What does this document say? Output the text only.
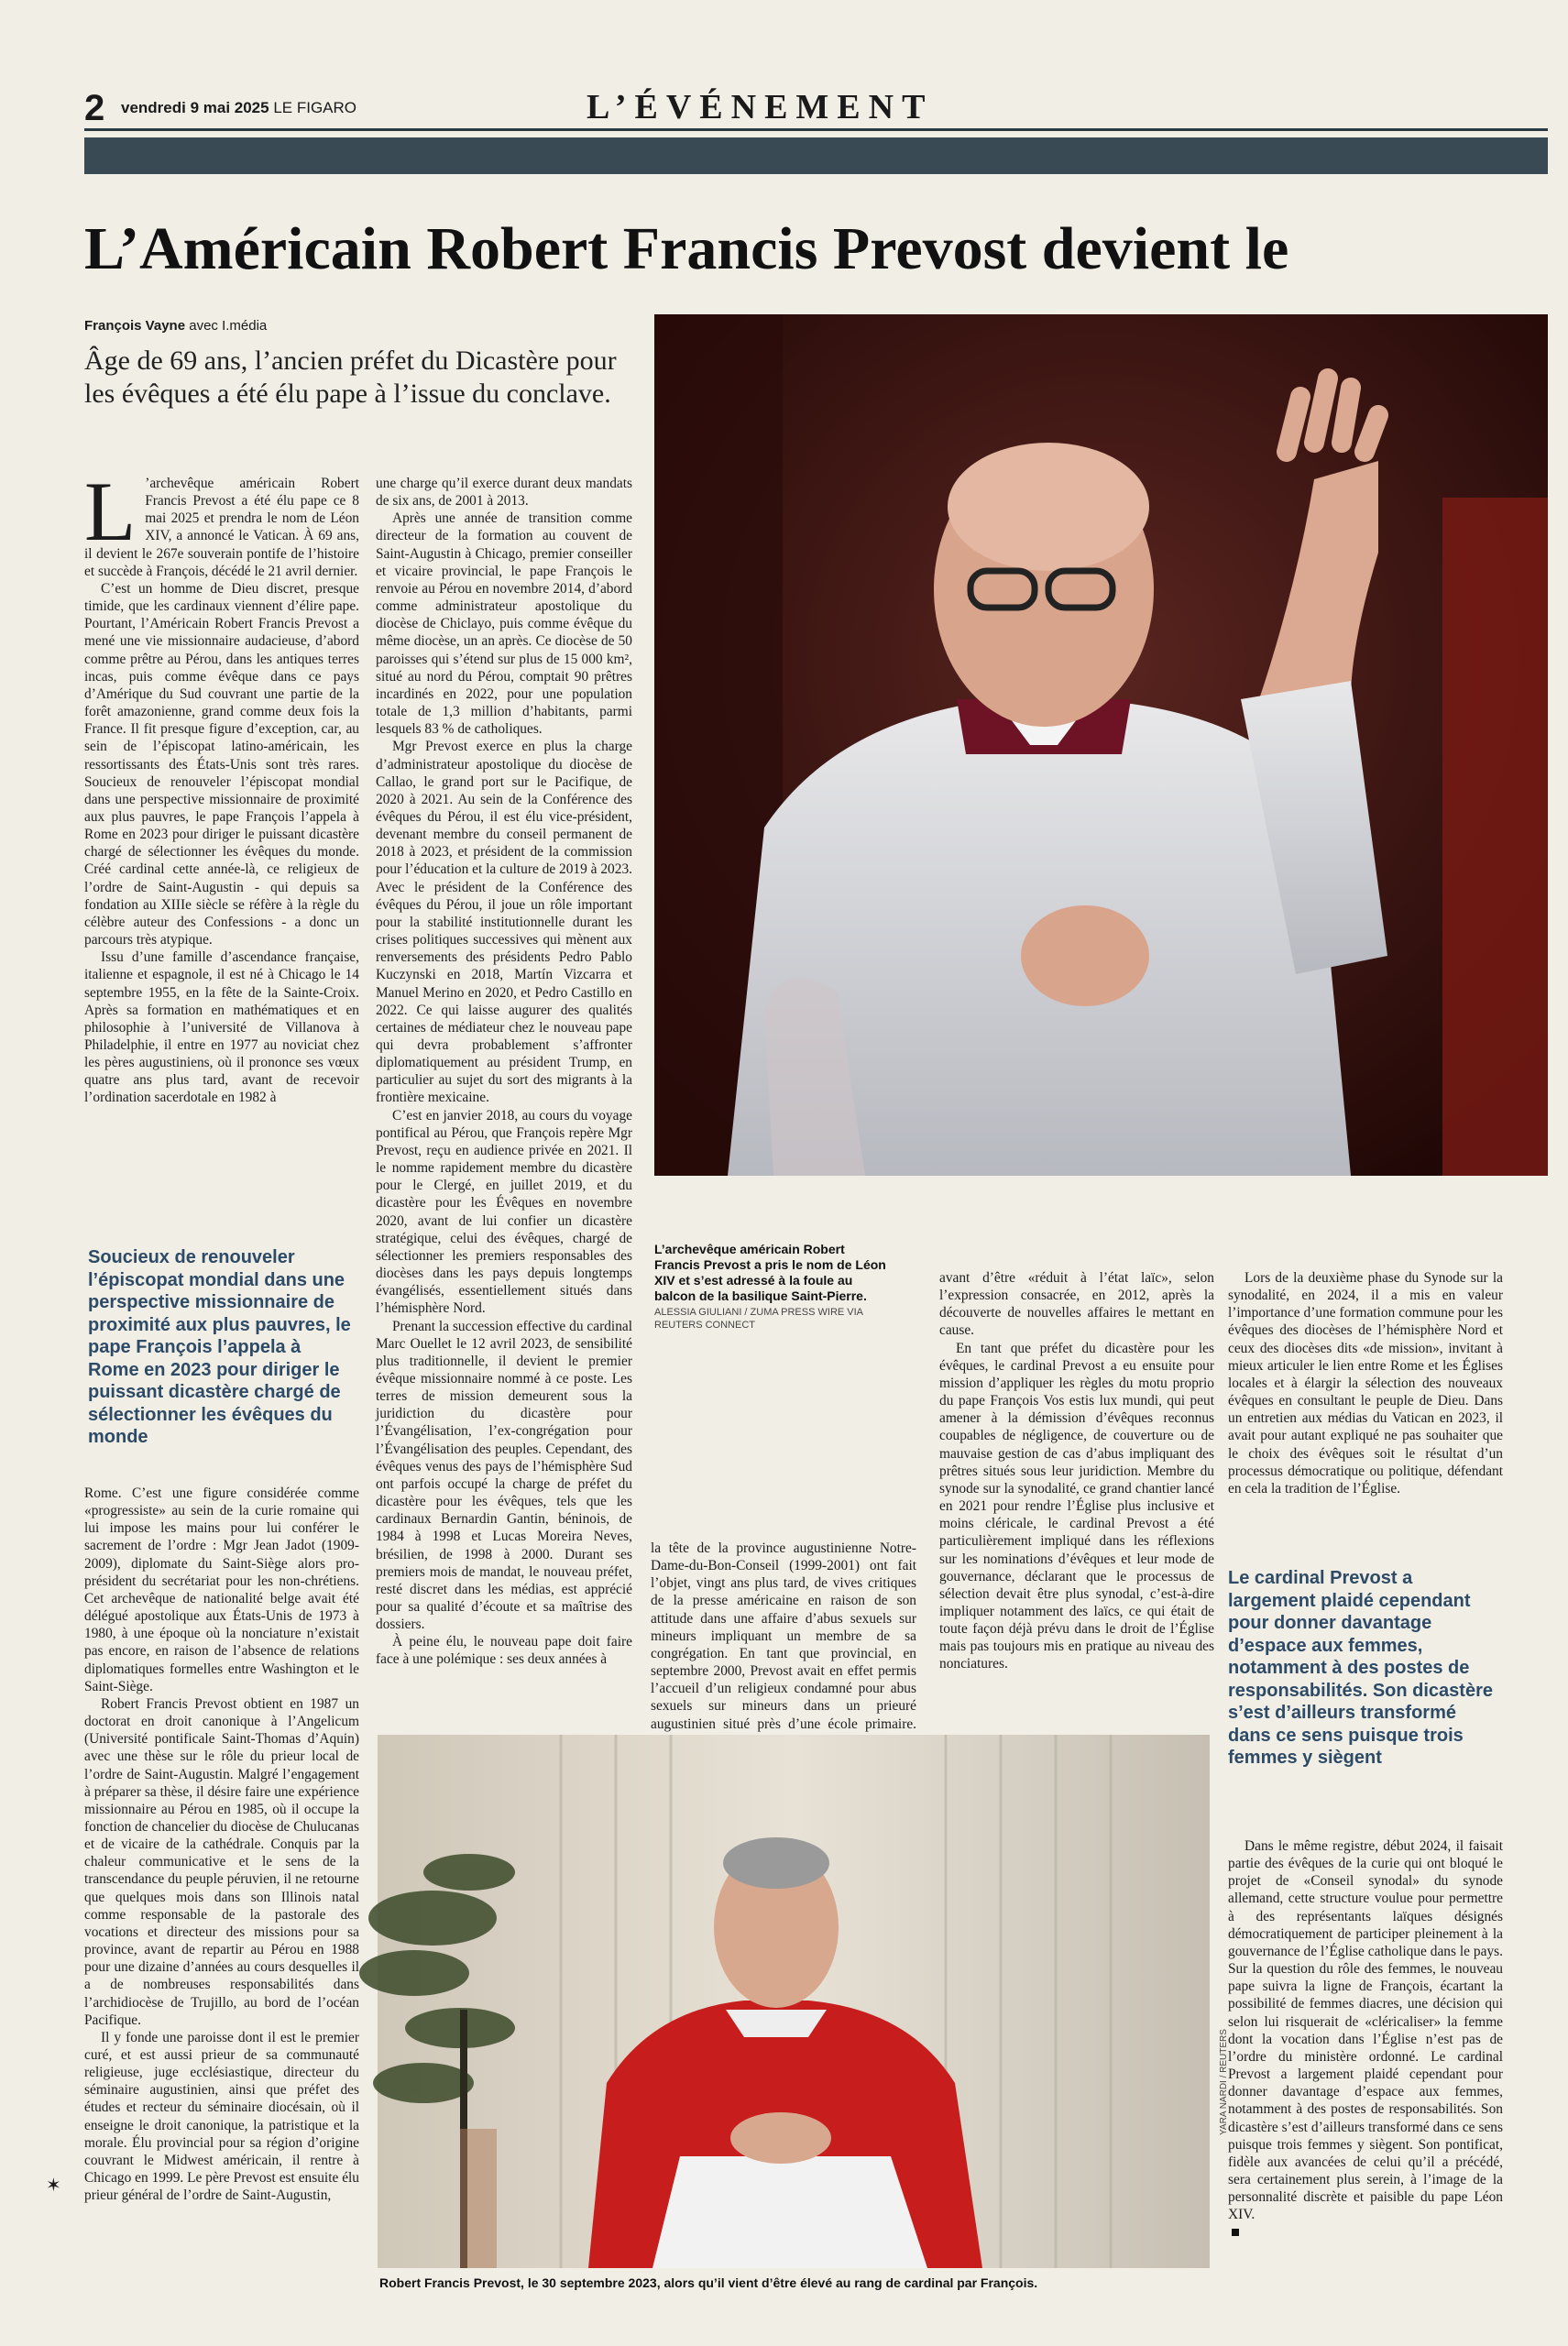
2 vendredi 9 mai 2025 LE FIGARO	L’ÉVÉNEMENT
L’Américain Robert Francis Prevost devient le
François Vayne avec I.média
Âge de 69 ans, l’ancien préfet du Dicastère pour les évêques a été élu pape à l’issue du conclave.
L ’archevêque américain Robert Francis Prevost a été élu pape ce 8 mai 2025 et prendra le nom de Léon XIV, a annoncé le Vatican. À 69 ans, il devient le 267e souverain pontife de l’histoire et succède à François, décédé le 21 avril dernier.

C’est un homme de Dieu discret, presque timide, que les cardinaux viennent d’élire pape. Pourtant, l’Américain Robert Francis Prevost a mené une vie missionnaire audacieuse, d’abord comme prêtre au Pérou, dans les antiques terres incas, puis comme évêque dans ce pays d’Amérique du Sud couvrant une partie de la forêt amazonienne, grand comme deux fois la France. Il fit presque figure d’exception, car, au sein de l’épiscopat latino-américain, les ressortissants des États-Unis sont très rares. Soucieux de renouveler l’épiscopat mondial dans une perspective missionnaire de proximité aux plus pauvres, le pape François l’appela à Rome en 2023 pour diriger le puissant dicastère chargé de sélectionner les évêques du monde. Créé cardinal cette année-là, ce religieux de l’ordre de Saint-Augustin - qui depuis sa fondation au XIIIe siècle se réfère à la règle du célèbre auteur des Confessions - a donc un parcours très atypique.

Issu d’une famille d’ascendance française, italienne et espagnole, il est né à Chicago le 14 septembre 1955, en la fête de la Sainte-Croix. Après sa formation en mathématiques et en philosophie à l’université de Villanova à Philadelphie, il entre en 1977 au noviciat chez les pères augustiniens, où il prononce ses vœux quatre ans plus tard, avant de recevoir l’ordination sacerdotale en 1982 à

Soucieux de renouveler l’épiscopat mondial dans une perspective missionnaire de proximité aux plus pauvres, le pape François l’appela à Rome en 2023 pour diriger le puissant dicastère chargé de sélectionner les évêques du monde

Rome. C’est une figure considérée comme «progressiste» au sein de la curie romaine qui lui impose les mains pour lui conférer le sacrement de l’ordre : Mgr Jean Jadot (1909-2009), diplomate du Saint-Siège alors pro-président du secrétariat pour les non-chrétiens. Cet archevêque de nationalité belge avait été délégué apostolique aux États-Unis de 1973 à 1980, à une époque où la nonciature n’existait pas encore, en raison de l’absence de relations diplomatiques formelles entre Washington et le Saint-Siège.

Robert Francis Prevost obtient en 1987 un doctorat en droit canonique à l’Angelicum (Université pontificale Saint-Thomas d’Aquin) avec une thèse sur le rôle du prieur local de l’ordre de Saint-Augustin. Malgré l’engagement à préparer sa thèse, il désire faire une expérience missionnaire au Pérou en 1985, où il occupe la fonction de chancelier du diocèse de Chulucanas et de vicaire de la cathédrale. Conquis par la chaleur communicative et le sens de la transcendance du peuple péruvien, il ne retourne que quelques mois dans son Illinois natal comme responsable de la pastorale des vocations et directeur des missions pour sa province, avant de repartir au Pérou en 1988 pour une dizaine d’années au cours desquelles il a de nombreuses responsabilités dans l’archidiocèse de Trujillo, au bord de l’océan Pacifique.

Il y fonde une paroisse dont il est le premier curé, et est aussi prieur de sa communauté religieuse, juge ecclésiastique, directeur du séminaire augustinien, ainsi que préfet des études et recteur du séminaire diocésain, où il enseigne le droit canonique, la patristique et la morale. Élu provincial pour sa région d’origine couvrant le Midwest américain, il rentre à Chicago en 1999. Le père Prevost est ensuite élu prieur général de l’ordre de Saint-Augustin,

une charge qu’il exerce durant deux mandats de six ans, de 2001 à 2013.

Après une année de transition comme directeur de la formation au couvent de Saint-Augustin à Chicago, premier conseiller et vicaire provincial, le pape François le renvoie au Pérou en novembre 2014, d’abord comme administrateur apostolique du diocèse de Chiclayo, puis comme évêque du même diocèse, un an après. Ce diocèse de 50 paroisses qui s’étend sur plus de 15 000 km², situé au nord du Pérou, comptait 90 prêtres incardinés en 2022, pour une population totale de 1,3 million d’habitants, parmi lesquels 83 % de catholiques.

Mgr Prevost exerce en plus la charge d’administrateur apostolique du diocèse de Callao, le grand port sur le Pacifique, de 2020 à 2021. Au sein de la Conférence des évêques du Pérou, il est élu vice-président, devenant membre du conseil permanent de 2018 à 2023, et président de la commission pour l’éducation et la culture de 2019 à 2023. Avec le président de la Conférence des évêques du Pérou, il joue un rôle important pour la stabilité institutionnelle durant les crises politiques successives qui mènent aux renversements des présidents Pedro Pablo Kuczynski en 2018, Martín Vizcarra et Manuel Merino en 2020, et Pedro Castillo en 2022. Ce qui laisse augurer des qualités certaines de médiateur chez le nouveau pape qui devra probablement s’affronter diplomatiquement au président Trump, en particulier au sujet du sort des migrants à la frontière mexicaine.

C’est en janvier 2018, au cours du voyage pontifical au Pérou, que François repère Mgr Prevost, reçu en audience privée en 2021. Il le nomme rapidement membre du dicastère pour le Clergé, en juillet 2019, et du dicastère pour les Évêques en novembre 2020, avant de lui confier un dicastère stratégique, celui des évêques, chargé de sélectionner les premiers responsables des diocèses dans les pays depuis longtemps évangélisés, essentiellement situés dans l’hémisphère Nord.

Prenant la succession effective du cardinal Marc Ouellet le 12 avril 2023, de sensibilité plus traditionnelle, il devient le premier évêque missionnaire nommé à ce poste. Les terres de mission demeurent sous la juridiction du dicastère pour l’Évangélisation, l’ex-congrégation pour l’Évangélisation des peuples. Cependant, des évêques venus des pays de l’hémisphère Sud ont parfois occupé la charge de préfet du dicastère pour les évêques, tels que les cardinaux Bernardin Gantin, béninois, de 1984 à 1998 et Lucas Moreira Neves, brésilien, de 1998 à 2000. Durant ses premiers mois de mandat, le nouveau préfet, resté discret dans les médias, est apprécié pour sa qualité d’écoute et sa maîtrise des dossiers.

À peine élu, le nouveau pape doit faire face à une polémique : ses deux années à

L’archevêque américain Robert Francis Prevost a pris le nom de Léon XIV et s’est adressé à la foule au balcon de la basilique Saint-Pierre.
ALESSIA GIULIANI / ZUMA PRESS WIRE VIA REUTERS CONNECT

la tête de la province augustinienne Notre-Dame-du-Bon-Conseil (1999-2001) ont fait l’objet, vingt ans plus tard, de vives critiques de la presse américaine en raison de son attitude dans une affaire d’abus sexuels sur mineurs impliquant un membre de sa congrégation. En tant que provincial, en septembre 2000, Prevost avait en effet permis l’accueil d’un religieux condamné pour abus sexuels sur mineurs dans un prieuré augustinien situé près d’une école primaire.

avant d’être «réduit à l’état laïc», selon l’expression consacrée, en 2012, après la découverte de nouvelles affaires le mettant en cause.

En tant que préfet du dicastère pour les évêques, le cardinal Prevost a eu ensuite pour mission d’appliquer les règles du motu proprio du pape François Vos estis lux mundi, qui peut amener à la démission d’évêques reconnus coupables de négligence, de couverture ou de mauvaise gestion de cas d’abus impliquant des prêtres situés sous leur juridiction. Membre du synode sur la synodalité, ce grand chantier lancé en 2021 pour rendre l’Église plus inclusive et moins cléricale, le cardinal Prevost a été particulièrement impliqué dans les réflexions sur les nominations d’évêques et leur mode de gouvernance, déclarant que le processus de sélection devait être plus synodal, c’est-à-dire impliquer notamment des laïcs, ce qui était de toute façon déjà prévu dans le droit de l’Église mais pas toujours mis en pratique au niveau des nonciatures.

Lors de la deuxième phase du Synode sur la synodalité, en 2024, il a mis en valeur l’importance d’une formation commune pour les évêques des diocèses de l’hémisphère Nord et ceux des diocèses dits «de mission», invitant à mieux articuler le lien entre Rome et les Églises locales et à élargir la sélection des nouveaux évêques en consultant le peuple de Dieu. Dans un entretien aux médias du Vatican en 2023, il avait pour autant expliqué ne pas souhaiter que le choix des évêques soit le résultat d’un processus démocratique ou politique, défendant en cela la tradition de l’Église.

Le cardinal Prevost a largement plaidé cependant pour donner davantage d’espace aux femmes, notamment à des postes de responsabilités. Son dicastère s’est d’ailleurs transformé dans ce sens puisque trois femmes y siègent

Dans le même registre, début 2024, il faisait partie des évêques de la curie qui ont bloqué le projet de «Conseil synodal» du synode allemand, cette structure voulue pour permettre à des représentants laïques désignés démocratiquement de participer pleinement à la gouvernance de l’Église catholique dans le pays. Sur la question du rôle des femmes, le nouveau pape suivra la ligne de François, écartant la possibilité de femmes diacres, une décision qui selon lui risquerait de «cléricaliser» la femme dont la vocation dans l’Église n’est pas de l’ordre du ministère ordonné. Le cardinal Prevost a largement plaidé cependant pour donner davantage d’espace aux femmes, notamment à des postes de responsabilités. Son dicastère s’est d’ailleurs transformé dans ce sens puisque trois femmes y siègent. Son pontificat, fidèle aux avancées de celui qu’il a précédé, sera certainement plus serein, à l’image de la personnalité discrète et paisible du pape Léon XIV.

YARA NARDI / REUTERS
Robert Francis Prevost, le 30 septembre 2023, alors qu’il vient d’être élevé au rang de cardinal par François.
✶
